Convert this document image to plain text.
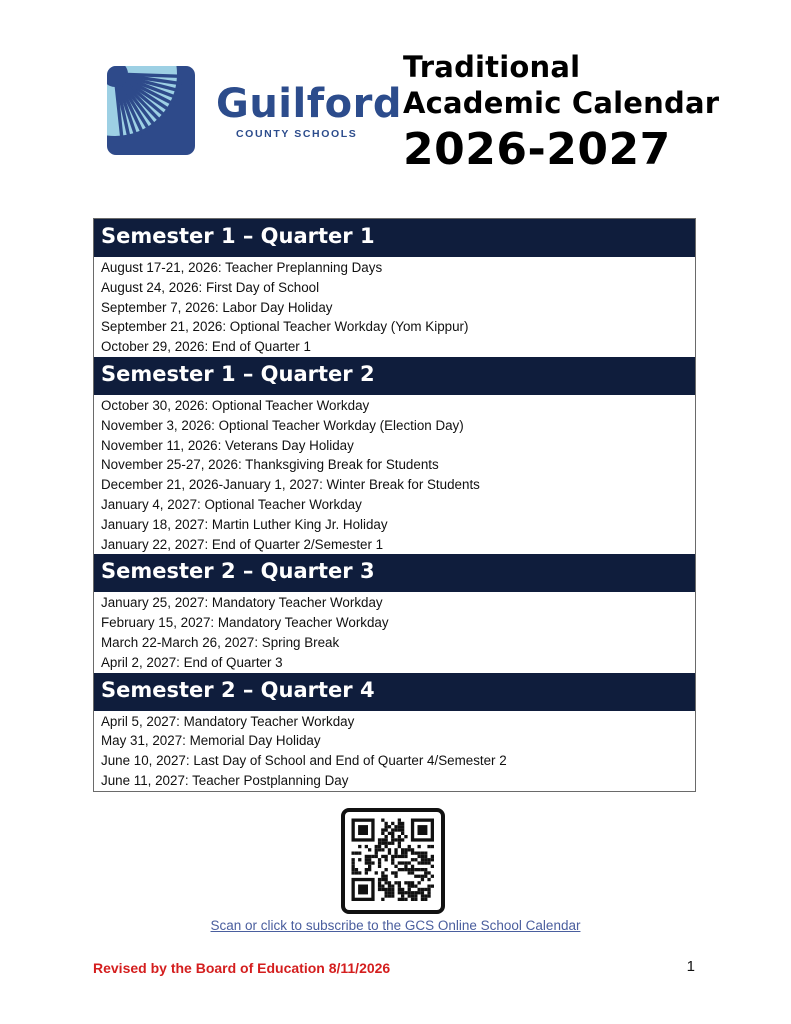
Guilford
COUNTY SCHOOLS
Traditional
Academic Calendar
2026-2027
Semester 1 – Quarter 1
August 17-21, 2026: Teacher Preplanning Days
August 24, 2026: First Day of School
September 7, 2026: Labor Day Holiday
September 21, 2026: Optional Teacher Workday (Yom Kippur)
October 29, 2026: End of Quarter 1
Semester 1 – Quarter 2
October 30, 2026: Optional Teacher Workday
November 3, 2026: Optional Teacher Workday (Election Day)
November 11, 2026: Veterans Day Holiday
November 25-27, 2026: Thanksgiving Break for Students
December 21, 2026-January 1, 2027: Winter Break for Students
January 4, 2027: Optional Teacher Workday
January 18, 2027: Martin Luther King Jr. Holiday
January 22, 2027: End of Quarter 2/Semester 1
Semester 2 – Quarter 3
January 25, 2027: Mandatory Teacher Workday
February 15, 2027: Mandatory Teacher Workday
March 22-March 26, 2027: Spring Break
April 2, 2027: End of Quarter 3
Semester 2 – Quarter 4
April 5, 2027: Mandatory Teacher Workday
May 31, 2027: Memorial Day Holiday
June 10, 2027: Last Day of School and End of Quarter 4/Semester 2
June 11, 2027: Teacher Postplanning Day
Scan or click to subscribe to the GCS Online School Calendar
Revised by the Board of Education 8/11/2026	1
